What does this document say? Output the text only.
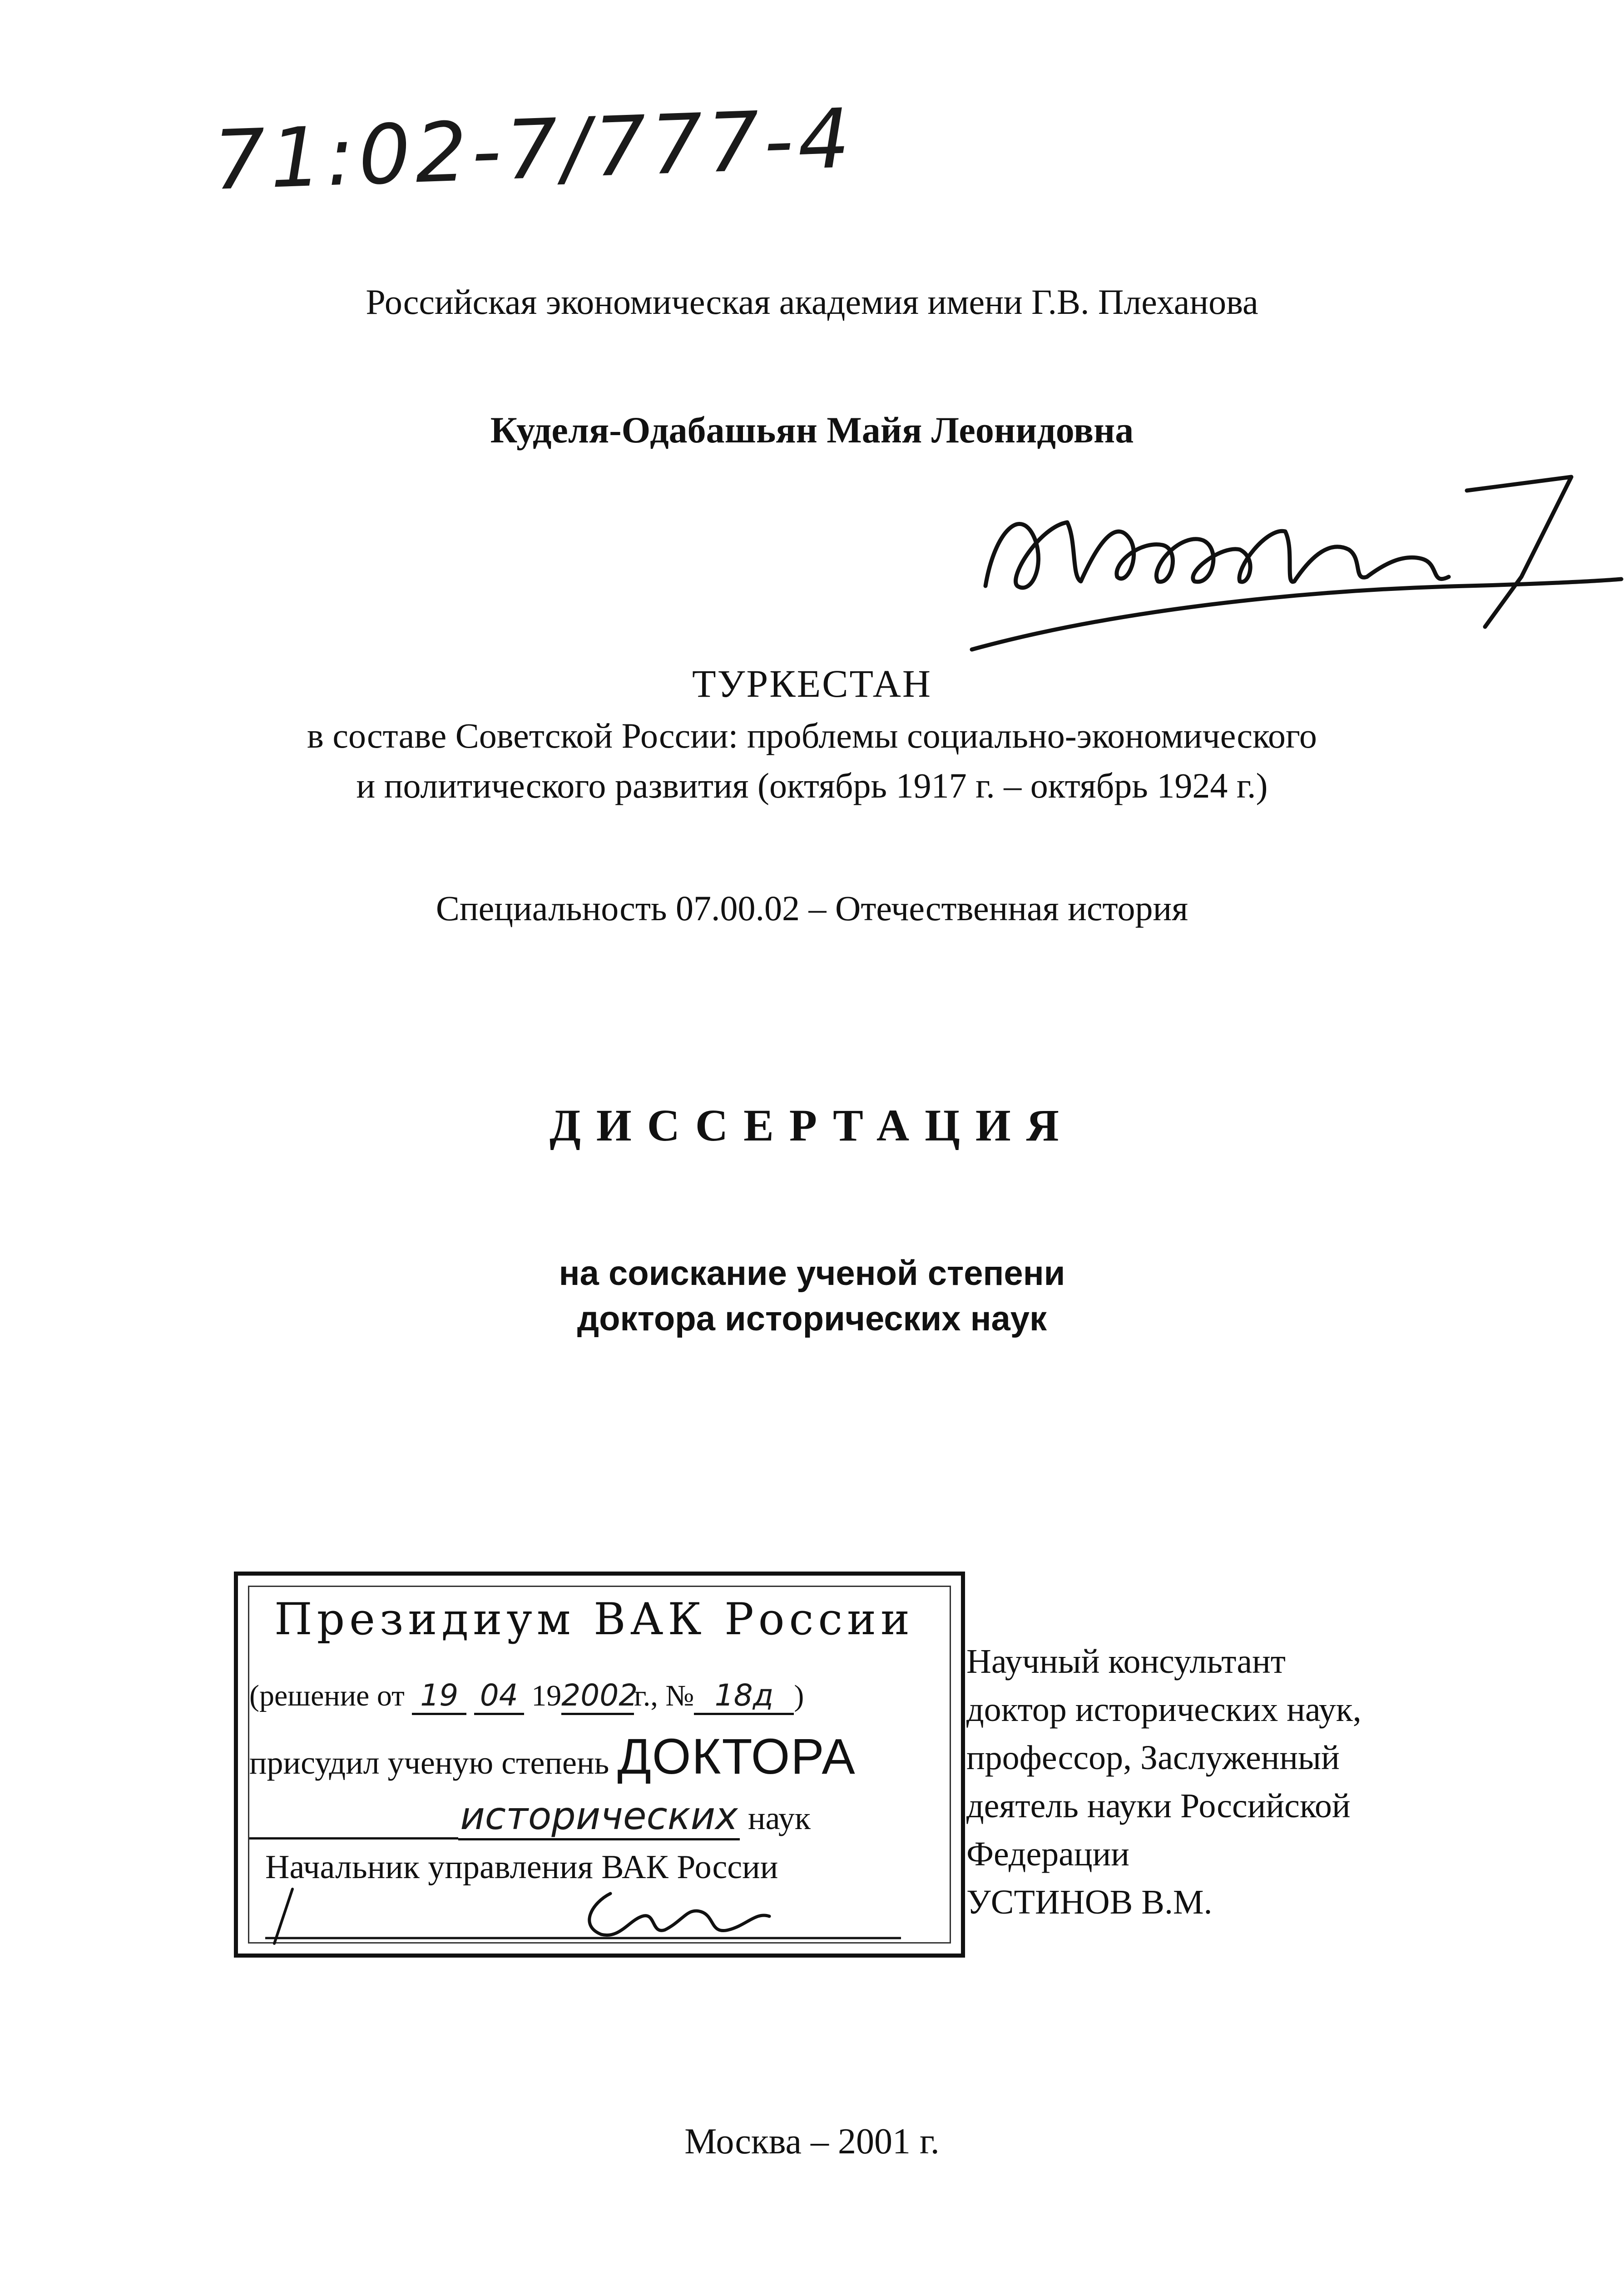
71:02-7/777-4
Российская экономическая академия имени Г.В. Плеханова
Куделя-Одабашьян Майя Леонидовна
ТУРКЕСТАН
в составе Советской России: проблемы социально-экономического
и политического развития (октябрь 1917 г. – октябрь 1924 г.)
Специальность 07.00.02 – Отечественная история
ДИССЕРТАЦИЯ
на соискание ученой степени
доктора исторических наук
Президиум ВАК России
(решение от 19 04 192002г., № 18д )
присудил ученую степень ДОКТОРА
исторических наук
Начальник управления ВАК России
Научный консультант
доктор исторических наук,
профессор, Заслуженный
деятель науки Российской
Федерации
УСТИНОВ В.М.
Москва – 2001 г.
